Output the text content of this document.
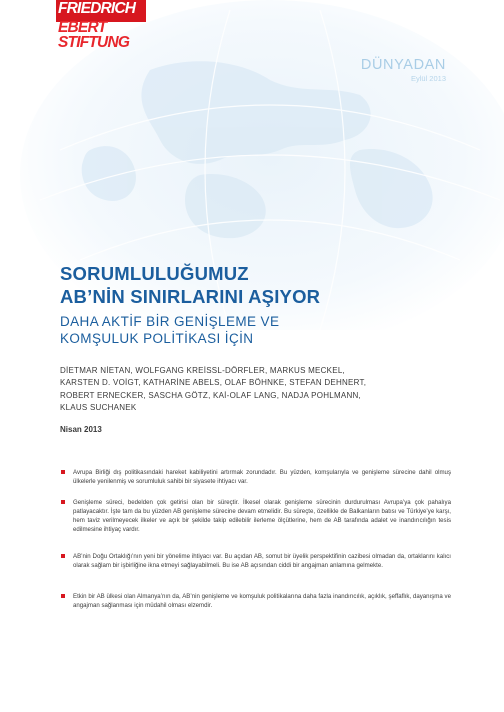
FRIEDRICH
EBERT
STIFTUNG
DÜNYADAN
Eylül 2013
SORUMLULUĞUMUZ
AB’NİN SINIRLARINI AŞIYOR
DAHA AKTİF BİR GENİŞLEME VE
KOMŞULUK POLİTİKASI İÇİN
DİETMAR NİETAN, WOLFGANG KREİSSL-DÖRFLER, MARKUS MECKEL,
KARSTEN D. VOİGT, KATHARİNE ABELS, OLAF BÖHNKE, STEFAN DEHNERT,
ROBERT ERNECKER, SASCHA GÖTZ, KAİ-OLAF LANG, NADJA POHLMANN,
KLAUS SUCHANEK
Nisan 2013
Avrupa Birliği dış politikasındaki hareket kabiliyetini artırmak zorundadır. Bu yüzden, komşularıyla ve genişleme sürecine dahil olmuş ülkelerle yenilenmiş ve sorumluluk sahibi bir siyasete ihtiyacı var.
Genişleme süreci, bedelden çok getirisi olan bir süreçtir. İlkesel olarak genişleme sürecinin durdurulması Avrupa’ya çok pahalıya patlayacaktır. İşte tam da bu yüzden AB genişleme sürecine devam etmelidir. Bu süreçte, özellikle de Balkanların batısı ve Türkiye’ye karşı, hem taviz verilmeyecek ilkeler ve açık bir şekilde takip edilebilir ilerleme ölçütlerine, hem de AB tarafında adalet ve inandırıcılığın tesis edilmesine ihtiyaç vardır.
AB’nin Doğu Ortaklığı’nın yeni bir yönelime ihtiyacı var. Bu açıdan AB, somut bir üyelik perspektifinin cazibesi olmadan da, ortaklarını kalıcı olarak sağlam bir işbirliğine ikna etmeyi sağlayabilmeli. Bu ise AB açısından ciddi bir angajman anlamına gelmekte.
Etkin bir AB ülkesi olan Almanya’nın da, AB’nin genişleme ve komşuluk politikalarına daha fazla inandırıcılık, açıklık, şeffaflık, dayanışma ve angajman sağlanması için müdahil olması elzemdir.
